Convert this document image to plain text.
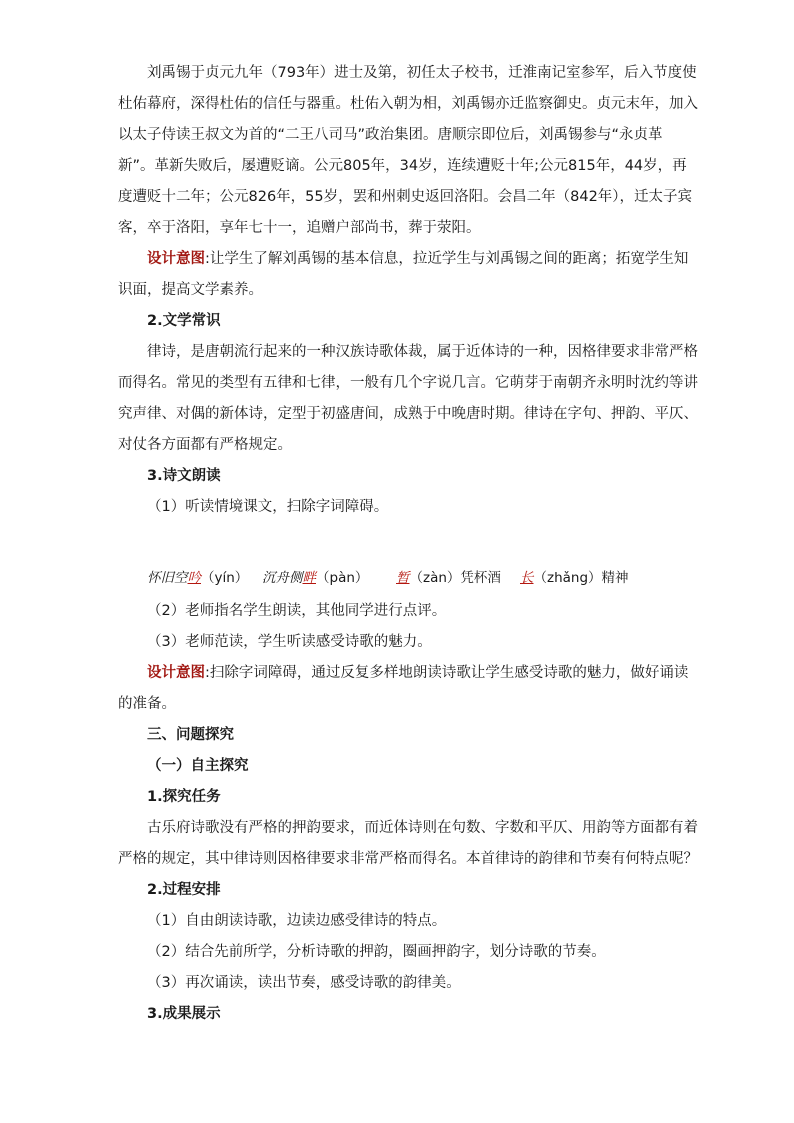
刘禹锡于贞元九年（793年）进士及第，初任太子校书，迁淮南记室参军，后入节度使
杜佑幕府，深得杜佑的信任与器重。杜佑入朝为相，刘禹锡亦迁监察御史。贞元末年，加入
以太子侍读王叔文为首的“二王八司马”政治集团。唐顺宗即位后，刘禹锡参与“永贞革
新”。革新失败后，屡遭贬谪。公元805年，34岁，连续遭贬十年;公元815年，44岁，再
度遭贬十二年；公元826年，55岁，罢和州刺史返回洛阳。会昌二年（842年），迁太子宾
客，卒于洛阳，享年七十一，追赠户部尚书，葬于荥阳。
设计意图:让学生了解刘禹锡的基本信息，拉近学生与刘禹锡之间的距离；拓宽学生知
识面，提高文学素养。
2.文学常识
律诗，是唐朝流行起来的一种汉族诗歌体裁，属于近体诗的一种，因格律要求非常严格
而得名。常见的类型有五律和七律，一般有几个字说几言。它萌芽于南朝齐永明时沈约等讲
究声律、对偶的新体诗，定型于初盛唐间，成熟于中晚唐时期。律诗在字句、押韵、平仄、
对仗各方面都有严格规定。
3.诗文朗读
（1）听读情境课文，扫除字词障碍。
怀旧空吟（yín） 沉舟侧畔（pàn） 暂（zàn）凭杯酒 长（zhǎng）精神
（2）老师指名学生朗读，其他同学进行点评。
（3）老师范读，学生听读感受诗歌的魅力。
设计意图:扫除字词障碍，通过反复多样地朗读诗歌让学生感受诗歌的魅力，做好诵读
的准备。
三、问题探究
（一）自主探究
1.探究任务
古乐府诗歌没有严格的押韵要求，而近体诗则在句数、字数和平仄、用韵等方面都有着
严格的规定，其中律诗则因格律要求非常严格而得名。本首律诗的韵律和节奏有何特点呢？
2.过程安排
（1）自由朗读诗歌，边读边感受律诗的特点。
（2）结合先前所学，分析诗歌的押韵，圈画押韵字，划分诗歌的节奏。
（3）再次诵读，读出节奏，感受诗歌的韵律美。
3.成果展示
